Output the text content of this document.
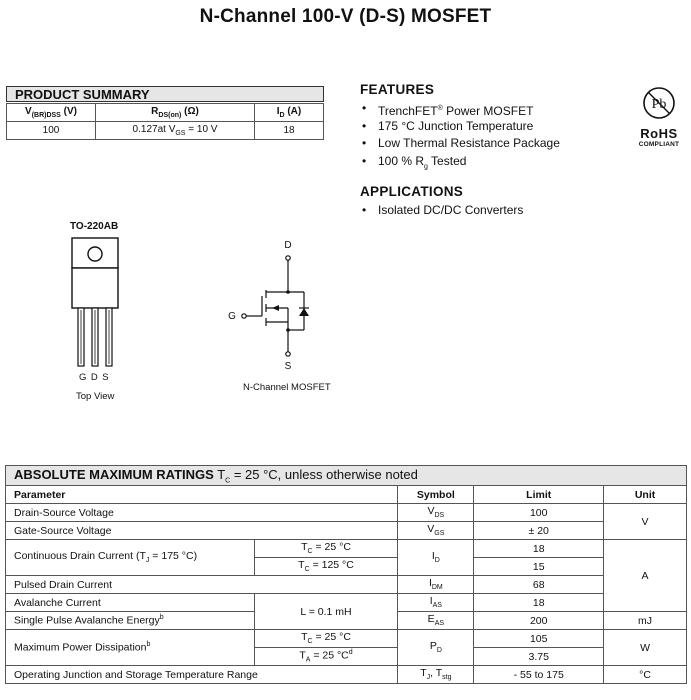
N-Channel 100-V (D-S) MOSFET
PRODUCT SUMMARY
$V_{(BR)DSS}$ (V)	$R_{DS(on)}$ (Ω)	$I_D$ (A)
100	0.127at $V_{GS} = 10$ V	18
FEATURES
• TrenchFET® Power MOSFET
• 175 °C Junction Temperature
• Low Thermal Resistance Package
• 100 % $R_g$ Tested
APPLICATIONS
• Isolated DC/DC Converters
Pb
RoHS
COMPLIANT
TO-220AB
GDS
Top View
D
G
S
N-Channel MOSFET
ABSOLUTE MAXIMUM RATINGS $T_C = 25$ °C, unless otherwise noted				
Parameter		Symbol	Limit	Unit
Drain-Source Voltage		$V_{DS}$	100	V
Gate-Source Voltage		$V_{GS}$	± 20	
Continuous Drain Current ($T_J = 175$ °C)	$T_C = 25$ °C	$I_D$	18	A
	$T_C = 125$ °C		15	
Pulsed Drain Current		$I_{DM}$	68	
Avalanche Current	L = 0.1 mH	$I_{AS}$	18	
Single Pulse Avalanche Energy$^b$		$E_{AS}$	200	mJ
Maximum Power Dissipation$^b$	$T_C = 25$ °C	$P_D$	105	W
	$T_A = 25$ $^\circ C^d$		3.75	
Operating Junction and Storage Temperature Range		$T_J$, $T_{stg}$	- 55 to 175	°C
